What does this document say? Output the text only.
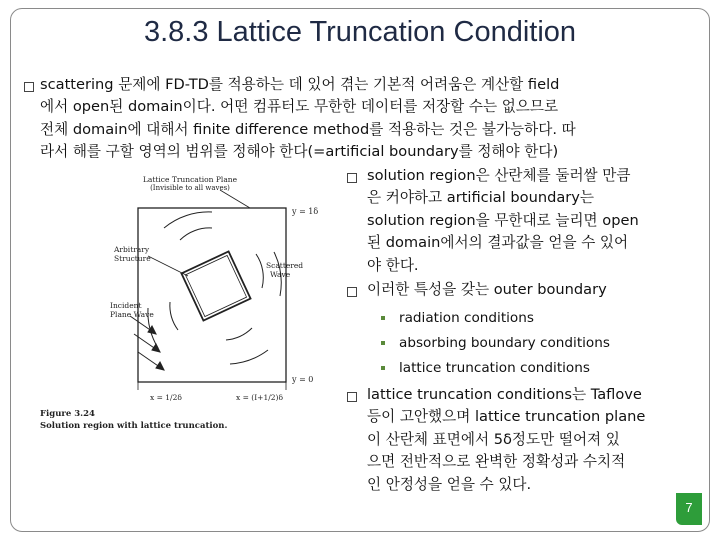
3.8.3 Lattice Truncation Condition
scattering 문제에 FD-TD를 적용하는 데 있어 겪는 기본적 어려움은 계산할 field
에서 open된 domain이다. 어떤 컴퓨터도 무한한 데이터를 저장할 수는 없으므로
전체 domain에 대해서 finite difference method를 적용하는 것은 불가능하다. 따
라서 해를 구할 영역의 범위를 정해야 한다(=artificial boundary를 정해야 한다)
solution region은 산란체를 둘러쌀 만큼
은 커야하고 artificial boundary는
solution region을 무한대로 늘리면 open
된 domain에서의 결과값을 얻을 수 있어
야 한다.
이러한 특성을 갖는 outer boundary
radiation conditions
absorbing boundary conditions
lattice truncation conditions
lattice truncation conditions는 Taflove
등이 고안했으며 lattice truncation plane
이 산란체 표면에서 5δ정도만 떨어져 있
으면 전반적으로 완벽한 정확성과 수치적
인 안정성을 얻을 수 있다.
Lattice Truncation Plane
(Invisible to all waves)
y = 1δ
y = 0
Arbitrary
Structure
Incident
Plane Wave
Scattered
Wave
x = 1/2δ	x = (I+1/2)δ
Figure 3.24
Solution region with lattice truncation.
7
